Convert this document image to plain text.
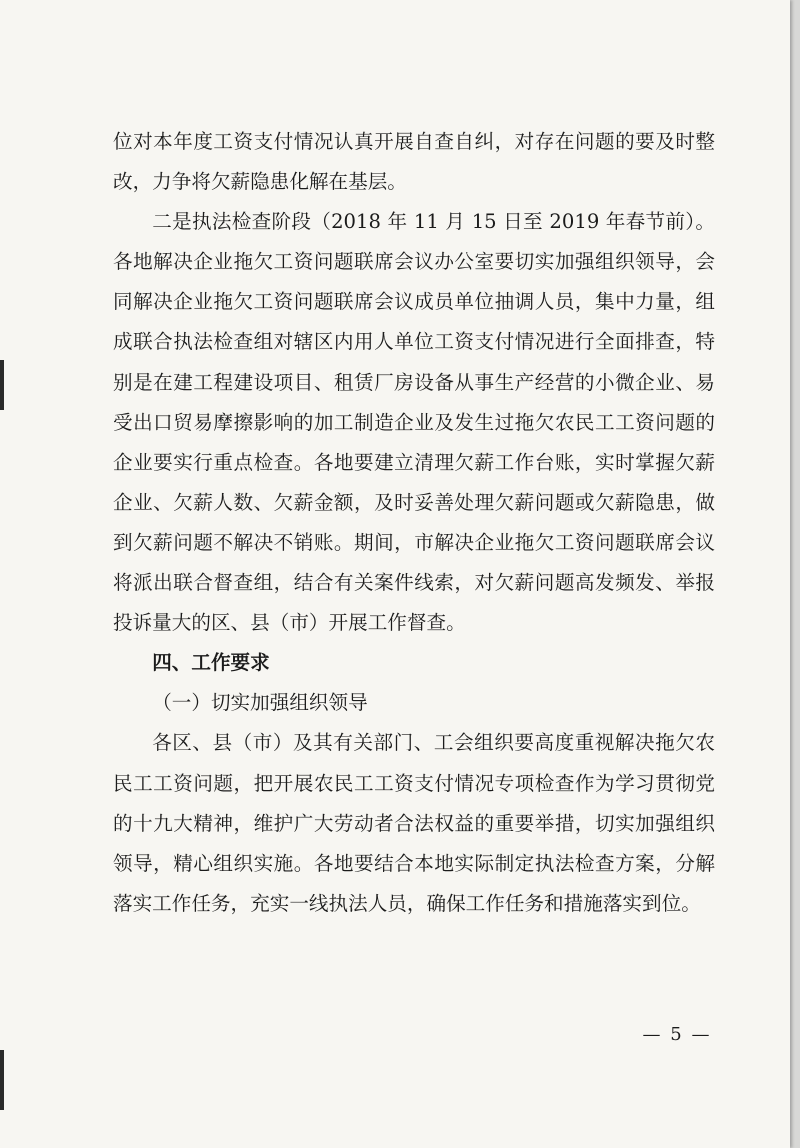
位对本年度工资支付情况认真开展自查自纠，对存在问题的要及时整改，力争将欠薪隐患化解在基层。

二是执法检查阶段（2018 年 11 月 15 日至 2019 年春节前）。各地解决企业拖欠工资问题联席会议办公室要切实加强组织领导，会同解决企业拖欠工资问题联席会议成员单位抽调人员，集中力量，组成联合执法检查组对辖区内用人单位工资支付情况进行全面排查，特别是在建工程建设项目、租赁厂房设备从事生产经营的小微企业、易受出口贸易摩擦影响的加工制造企业及发生过拖欠农民工工资问题的企业要实行重点检查。各地要建立清理欠薪工作台账，实时掌握欠薪企业、欠薪人数、欠薪金额，及时妥善处理欠薪问题或欠薪隐患，做到欠薪问题不解决不销账。期间，市解决企业拖欠工资问题联席会议将派出联合督查组，结合有关案件线索，对欠薪问题高发频发、举报投诉量大的区、县（市）开展工作督查。

四、工作要求

（一）切实加强组织领导

各区、县（市）及其有关部门、工会组织要高度重视解决拖欠农民工工资问题，把开展农民工工资支付情况专项检查作为学习贯彻党的十九大精神，维护广大劳动者合法权益的重要举措，切实加强组织领导，精心组织实施。各地要结合本地实际制定执法检查方案，分解落实工作任务，充实一线执法人员，确保工作任务和措施落实到位。

— 5 —
